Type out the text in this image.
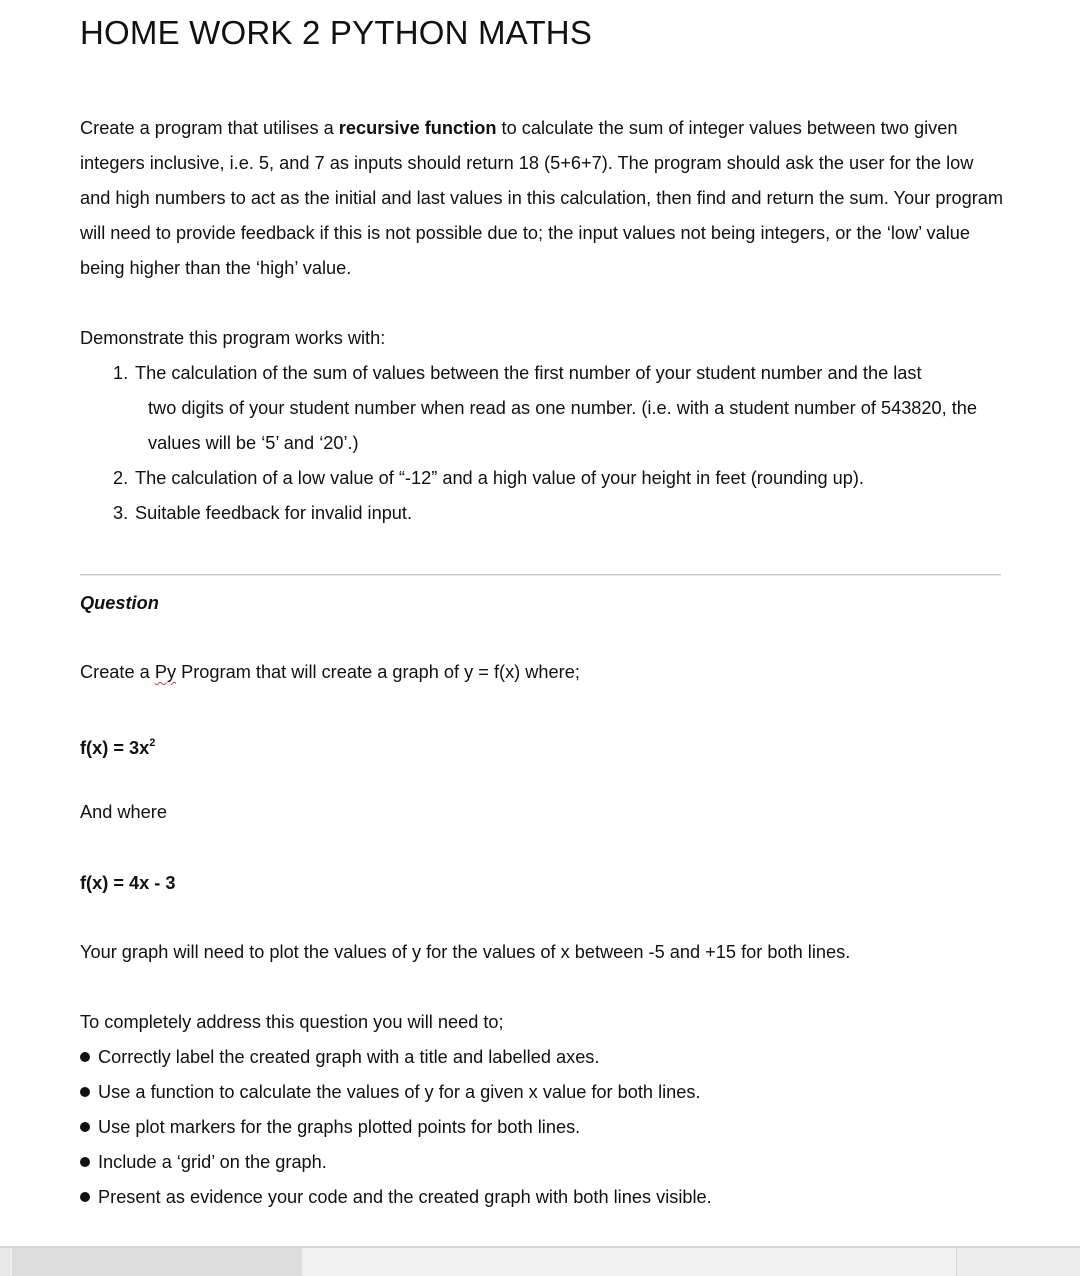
HOME WORK 2 PYTHON MATHS

Create a program that utilises a recursive function to calculate the sum of integer values between two given integers inclusive, i.e. 5, and 7 as inputs should return 18 (5+6+7). The program should ask the user for the low and high numbers to act as the initial and last values in this calculation, then find and return the sum. Your program will need to provide feedback if this is not possible due to; the input values not being integers, or the ‘low’ value being higher than the ‘high’ value.

Demonstrate this program works with:

1. The calculation of the sum of values between the first number of your student number and the last
two digits of your student number when read as one number. (i.e. with a student number of 543820, the values will be ‘5’ and ‘20’.)
2. The calculation of a low value of “-12” and a high value of your height in feet (rounding up).
3. Suitable feedback for invalid input.

Question

Create a Py Program that will create a graph of y = f(x) where;

$f(x) = 3x^2$

And where

f(x) = 4x - 3

Your graph will need to plot the values of y for the values of x between -5 and +15 for both lines.

To completely address this question you will need to;

Correctly label the created graph with a title and labelled axes.

Use a function to calculate the values of y for a given x value for both lines.

Use plot markers for the graphs plotted points for both lines.

Include a ‘grid’ on the graph.

Present as evidence your code and the created graph with both lines visible.
